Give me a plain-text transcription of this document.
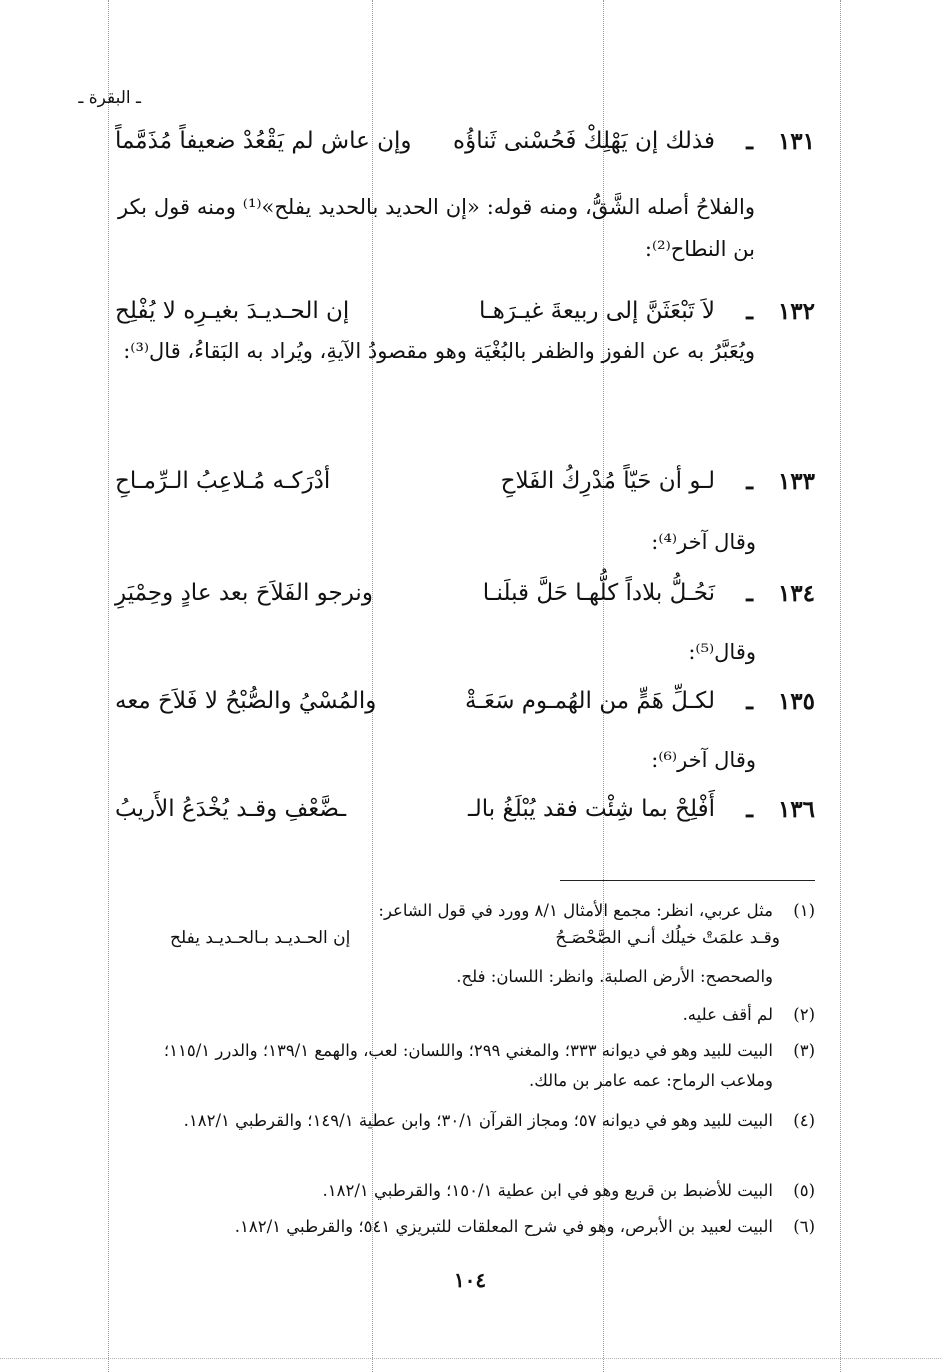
ـ البقرة ـ
١٣١
ـ
فذلك إن يَهْلِكْ فَحُسْنى ثَناؤُه
وإن عاش لم يَقْعُدْ ضعيفاً مُذَمَّماً
والفلاحُ أصله الشَّقُّ، ومنه قوله: «إن الحديد بالحديد يفلح»⁽¹⁾ ومنه قول بكر بن النطاح⁽²⁾:
١٣٢
ـ
لاَ تَبْعَثَنَّ إلى ربيعةَ غيـرَهـا
إن الحـديـدَ بغيـرِه لا يُفْلِح
ويُعَبَّرُ به عن الفوز والظفر بالبُغْيَة وهو مقصودُ الآيةِ، ويُراد به البَقاءُ، قال⁽³⁾:
١٣٣
ـ
لـو أن حَيّاً مُدْرِكُ الفَلاحِ
أدْرَكـه مُـلاعِبُ الـرِّمـاحِ
وقال آخر⁽⁴⁾:
١٣٤
ـ
نَحُـلُّ بلاداً كلُّهـا حَلَّ قبلَنـا
ونرجو الفَلاَحَ بعد عادٍ وحِمْيَرِ
وقال⁽⁵⁾:
١٣٥
ـ
لكـلِّ هَمٍّ من الهُمـوم سَعَـةْ
والمُسْيُ والصُّبْحُ لا فَلاَحَ معه
وقال آخر⁽⁶⁾:
١٣٦
ـ
أَفْلِحْ بما شِئْت فقد يُبْلَغُ بالـ
ـضَّعْفِ وقـد يُخْدَعُ الأَريبُ
(١)
مثل عربي، انظر: مجمع الأمثال ٨/١ وورد في قول الشاعر:
وقـد علمَتْ خيلُك أنـي الصَّحْصَـحُ
إن الحـديـد بـالحـديـد يفلح
والصحصح: الأرض الصلبة. وانظر: اللسان: فلح.
(٢)
لم أقف عليه.
(٣)
البيت للبيد وهو في ديوانه ٣٣٣؛ والمغني ٢٩٩؛ واللسان: لعب، والهمع ١٣٩/١؛ والدرر ١١٥/١؛ وملاعب الرماح: عمه عامر بن مالك.
(٤)
البيت للبيد وهو في ديوانه ٥٧؛ ومجاز القرآن ٣٠/١؛ وابن عطية ١٤٩/١؛ والقرطبي ١٨٢/١.
(٥)
البيت للأضبط بن قريع وهو في ابن عطية ١٥٠/١؛ والقرطبي ١٨٢/١.
(٦)
البيت لعبيد بن الأبرص، وهو في شرح المعلقات للتبريزي ٥٤١؛ والقرطبي ١٨٢/١.
١٠٤
